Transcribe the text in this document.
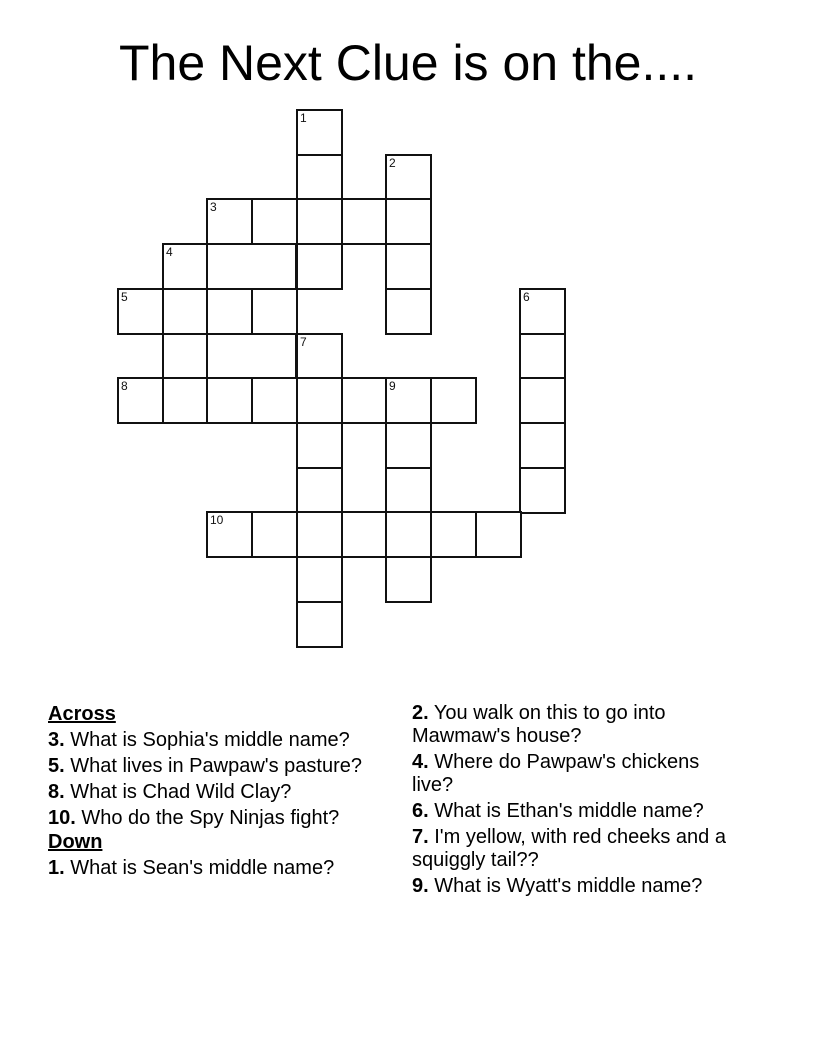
The Next Clue is on the....
1
2
3
4
5	6
7
8	9
10
Across
3. What is Sophia's middle name?
5. What lives in Pawpaw's pasture?
8. What is Chad Wild Clay?
10. Who do the Spy Ninjas fight?
Down
1. What is Sean's middle name?
2. You walk on this to go into Mawmaw's house?
4. Where do Pawpaw's chickens live?
6. What is Ethan's middle name?
7. I'm yellow, with red cheeks and a squiggly tail??
9. What is Wyatt's middle name?
